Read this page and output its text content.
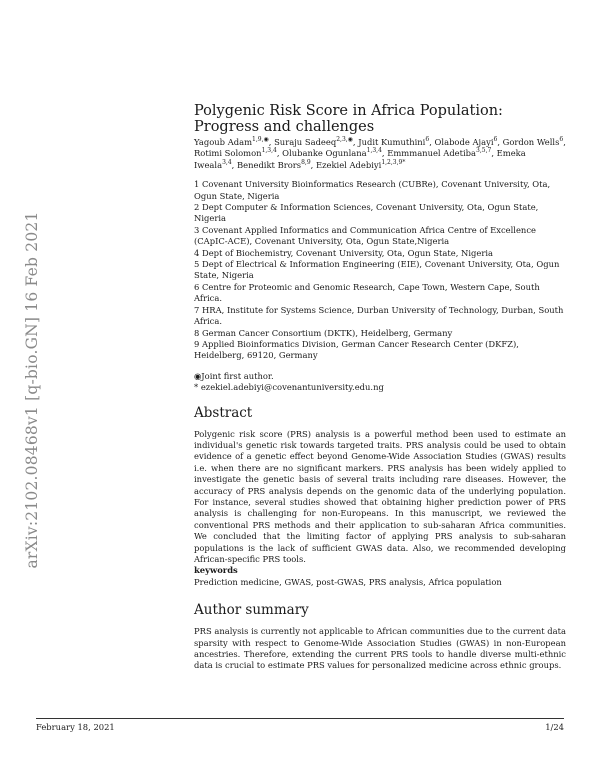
arXiv:2102.08468v1 [q-bio.GN] 16 Feb 2021
Polygenic Risk Score in Africa Population: Progress and challenges
Yagoub Adam$^{1,9,◉}$, Suraju Sadeeq$^{2,3,◉}$, Judit Kumuthini$^6$, Olabode Ajayi$^6$, Gordon Wells$^6$, Rotimi Solomon$^{1,3,4}$, Olubanke Ogunlana$^{1,3,4}$, Emmmanuel Adetiba$^{3,5,7}$, Emeka Iweala$^{3,4}$, Benedikt Brors$^{8,9}$, Ezekiel Adebiyi$^{1,2,3,9*}$

1 Covenant University Bioinformatics Research (CUBRe), Covenant University, Ota, Ogun State, Nigeria

2 Dept Computer & Information Sciences, Covenant University, Ota, Ogun State, Nigeria

3 Covenant Applied Informatics and Communication Africa Centre of Excellence (CApIC-ACE), Covenant University, Ota, Ogun State,Nigeria

4 Dept of Biochemistry, Covenant University, Ota, Ogun State, Nigeria

5 Dept of Electrical & Information Engineering (EIE), Covenant University, Ota, Ogun State, Nigeria

6 Centre for Proteomic and Genomic Research, Cape Town, Western Cape, South Africa.

7 HRA, Institute for Systems Science, Durban University of Technology, Durban, South Africa.

8 German Cancer Consortium (DKTK), Heidelberg, Germany

9 Applied Bioinformatics Division, German Cancer Research Center (DKFZ), Heidelberg, 69120, Germany

◉Joint first author.
* ezekiel.adebiyi@covenantuniversity.edu.ng
Abstract
Polygenic risk score (PRS) analysis is a powerful method been used to estimate an individual's genetic risk towards targeted traits. PRS analysis could be used to obtain evidence of a genetic effect beyond Genome-Wide Association Studies (GWAS) results i.e. when there are no significant markers. PRS analysis has been widely applied to investigate the genetic basis of several traits including rare diseases. However, the accuracy of PRS analysis depends on the genomic data of the underlying population. For instance, several studies showed that obtaining higher prediction power of PRS analysis is challenging for non-Europeans. In this manuscript, we reviewed the conventional PRS methods and their application to sub-saharan Africa communities. We concluded that the limiting factor of applying PRS analysis to sub-saharan populations is the lack of sufficient GWAS data. Also, we recommended developing African-specific PRS tools.
keywords
Prediction medicine, GWAS, post-GWAS, PRS analysis, Africa population
Author summary
PRS analysis is currently not applicable to African communities due to the current data sparsity with respect to Genome-Wide Association Studies (GWAS) in non-European ancestries. Therefore, extending the current PRS tools to handle diverse multi-ethnic data is crucial to estimate PRS values for personalized medicine across ethnic groups.
February 18, 2021	1/24
